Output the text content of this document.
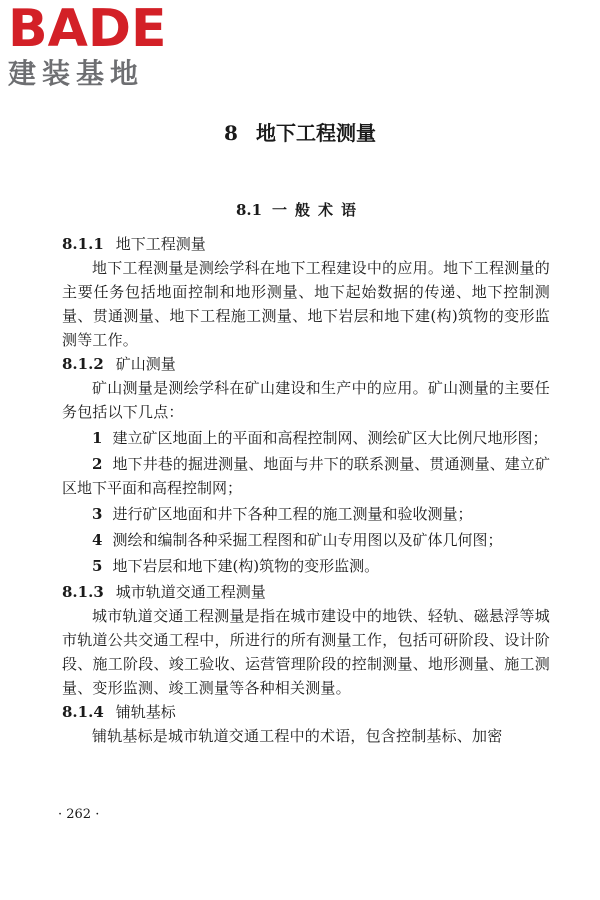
BADE
建装基地
8 地下工程测量
8.1 一般术语

8.1.1 地下工程测量

地下工程测量是测绘学科在地下工程建设中的应用。地下工程测量的主要任务包括地面控制和地形测量、地下起始数据的传递、地下控制测量、贯通测量、地下工程施工测量、地下岩层和地下建(构)筑物的变形监测等工作。

8.1.2 矿山测量

矿山测量是测绘学科在矿山建设和生产中的应用。矿山测量的主要任务包括以下几点：

1 建立矿区地面上的平面和高程控制网、测绘矿区大比例尺地形图；

2 地下井巷的掘进测量、地面与井下的联系测量、贯通测量、建立矿区地下平面和高程控制网；

3 进行矿区地面和井下各种工程的施工测量和验收测量；

4 测绘和编制各种采掘工程图和矿山专用图以及矿体几何图；

5 地下岩层和地下建(构)筑物的变形监测。

8.1.3 城市轨道交通工程测量

城市轨道交通工程测量是指在城市建设中的地铁、轻轨、磁悬浮等城市轨道公共交通工程中，所进行的所有测量工作，包括可研阶段、设计阶段、施工阶段、竣工验收、运营管理阶段的控制测量、地形测量、施工测量、变形监测、竣工测量等各种相关测量。

8.1.4 铺轨基标

铺轨基标是城市轨道交通工程中的术语，包含控制基标、加密

· 262 ·
